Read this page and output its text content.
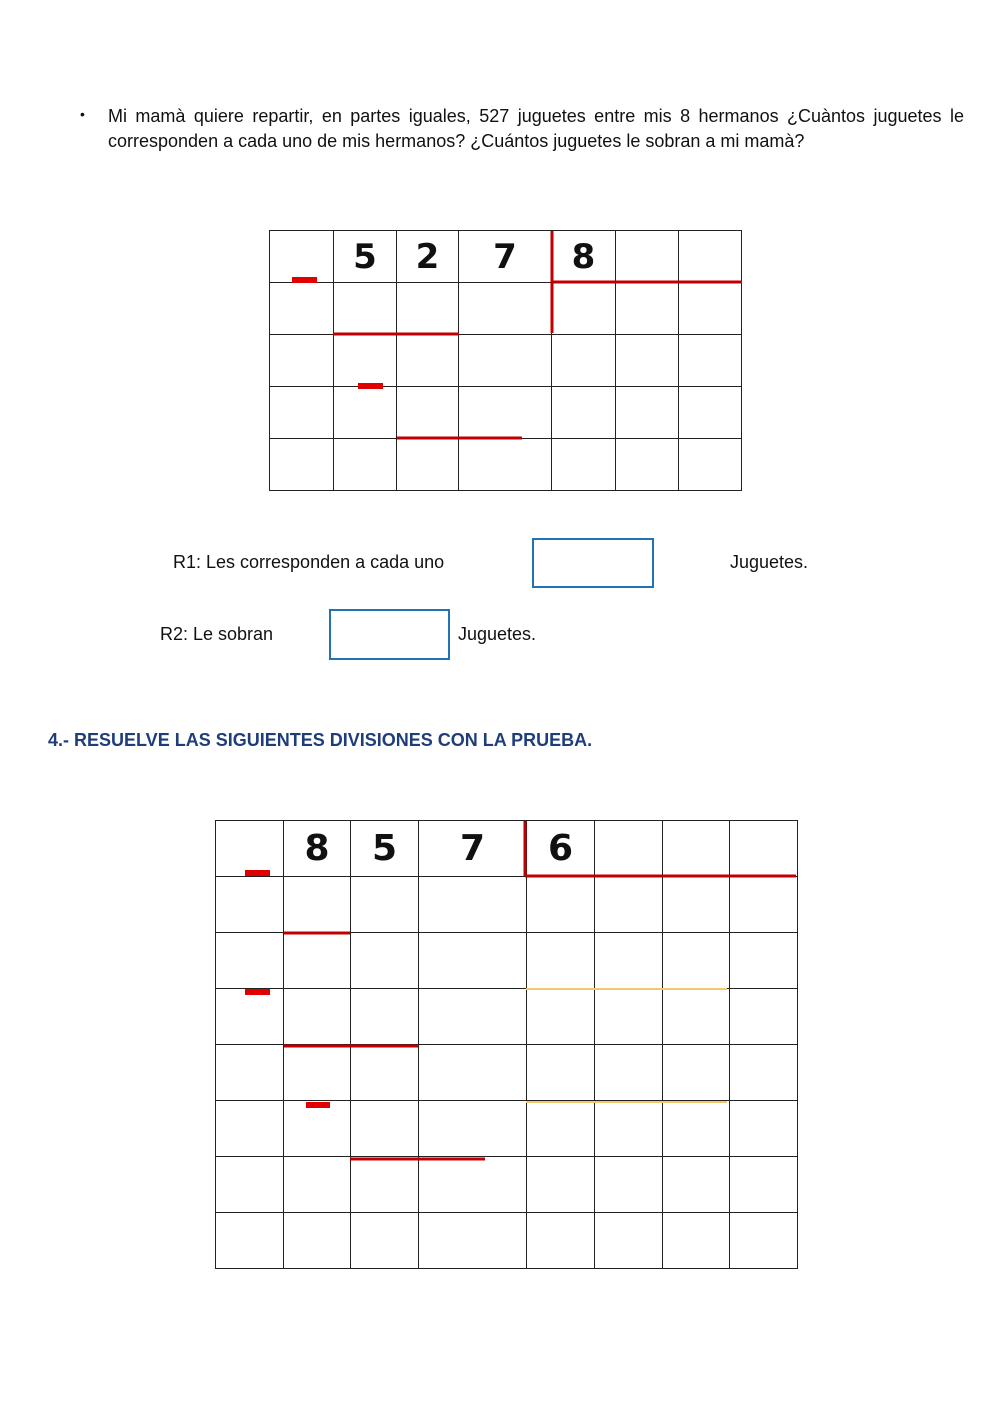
• Mi mamà quiere repartir, en partes iguales, 527 juguetes entre mis 8 hermanos ¿Cuàntos juguetes le corresponden a cada uno de mis hermanos? ¿Cuántos juguetes le sobran a mi mamà?
	5	2	7	8		

R1: Les corresponden a cada uno	Juguetes.
R2: Le sobran	Juguetes.
4.- RESUELVE LAS SIGUIENTES DIVISIONES CON LA PRUEBA.
	8	5	7	6			
